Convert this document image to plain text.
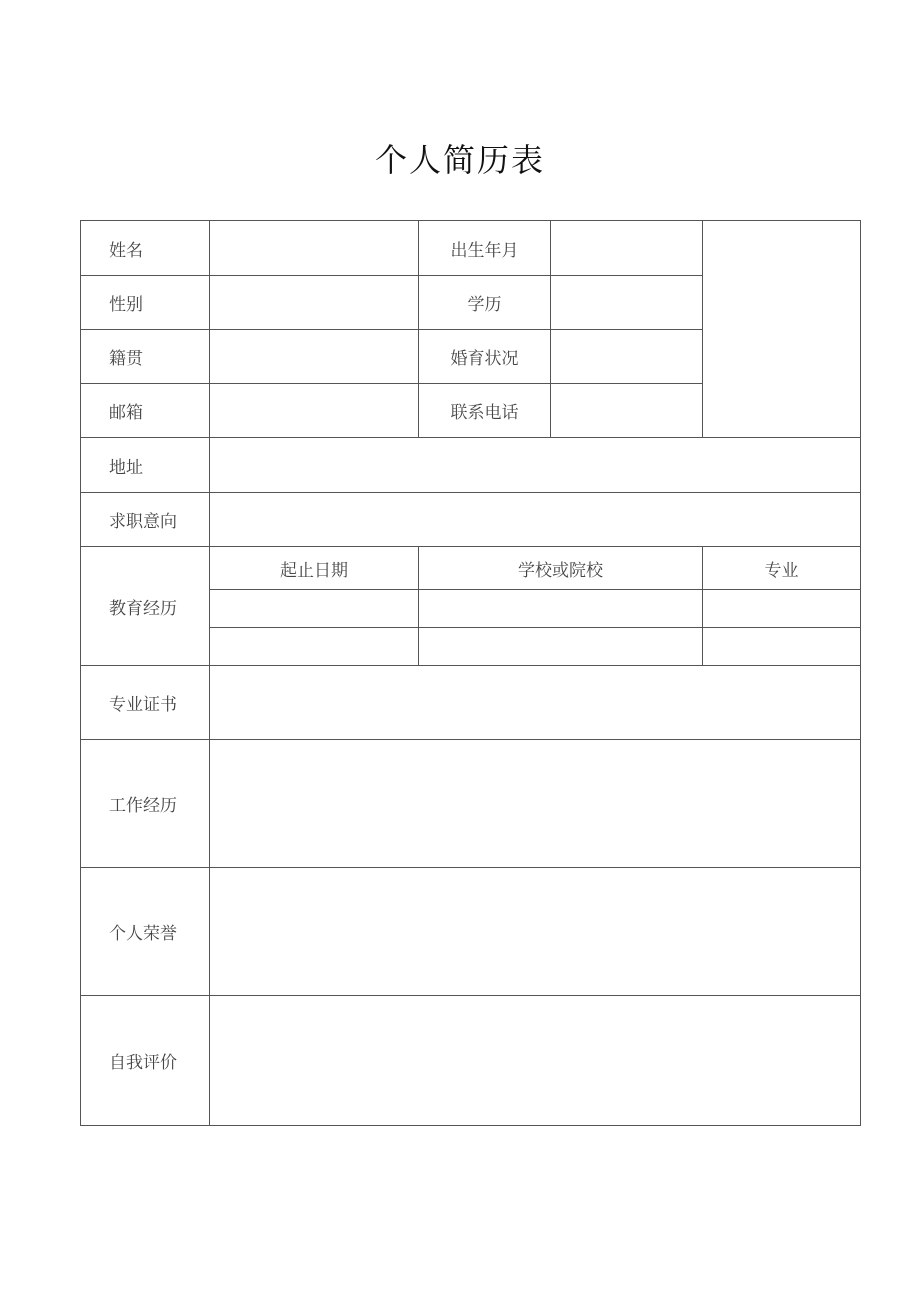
个人简历表
姓名		出生年月		
性别		学历		
籍贯		婚育状况		
邮箱		联系电话		
地址				
求职意向				
教育经历	起止日期	学校或院校		专业

专业证书				
工作经历				
个人荣誉				
自我评价				
